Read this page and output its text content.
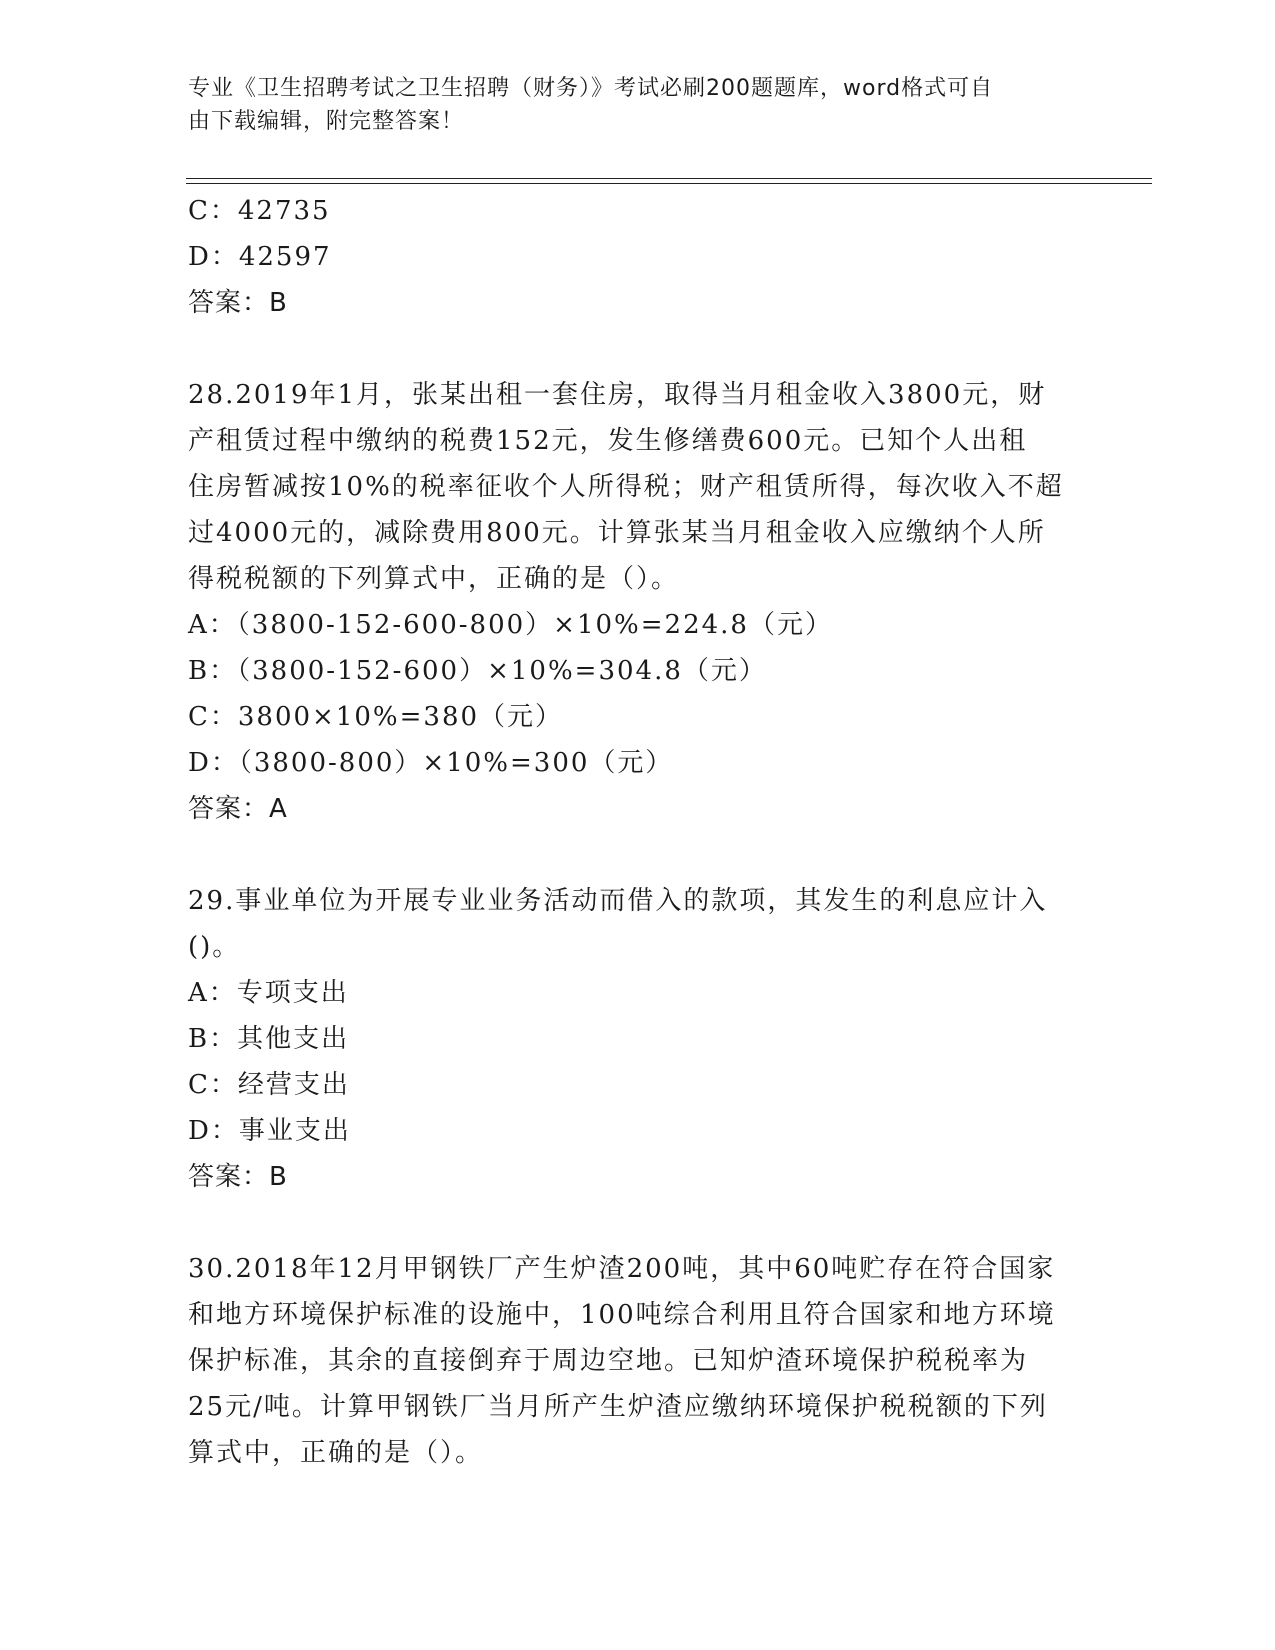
专业《卫生招聘考试之卫生招聘（财务）》考试必刷200题题库，word格式可自
由下载编辑，附完整答案！
C：42735
D：42597
答案：B
28.2019年1月，张某出租一套住房，取得当月租金收入3800元，财
产租赁过程中缴纳的税费152元，发生修缮费600元。已知个人出租
住房暂减按10%的税率征收个人所得税；财产租赁所得，每次收入不超
过4000元的，减除费用800元。计算张某当月租金收入应缴纳个人所
得税税额的下列算式中，正确的是（）。
A：（3800-152-600-800）×10%=224.8（元）
B：（3800-152-600）×10%=304.8（元）
C：3800×10%=380（元）
D：（3800-800）×10%=300（元）
答案：A
29.事业单位为开展专业业务活动而借入的款项，其发生的利息应计入
()。
A：专项支出
B：其他支出
C：经营支出
D：事业支出
答案：B
30.2018年12月甲钢铁厂产生炉渣200吨，其中60吨贮存在符合国家
和地方环境保护标准的设施中，100吨综合利用且符合国家和地方环境
保护标准，其余的直接倒弃于周边空地。已知炉渣环境保护税税率为
25元/吨。计算甲钢铁厂当月所产生炉渣应缴纳环境保护税税额的下列
算式中，正确的是（）。
